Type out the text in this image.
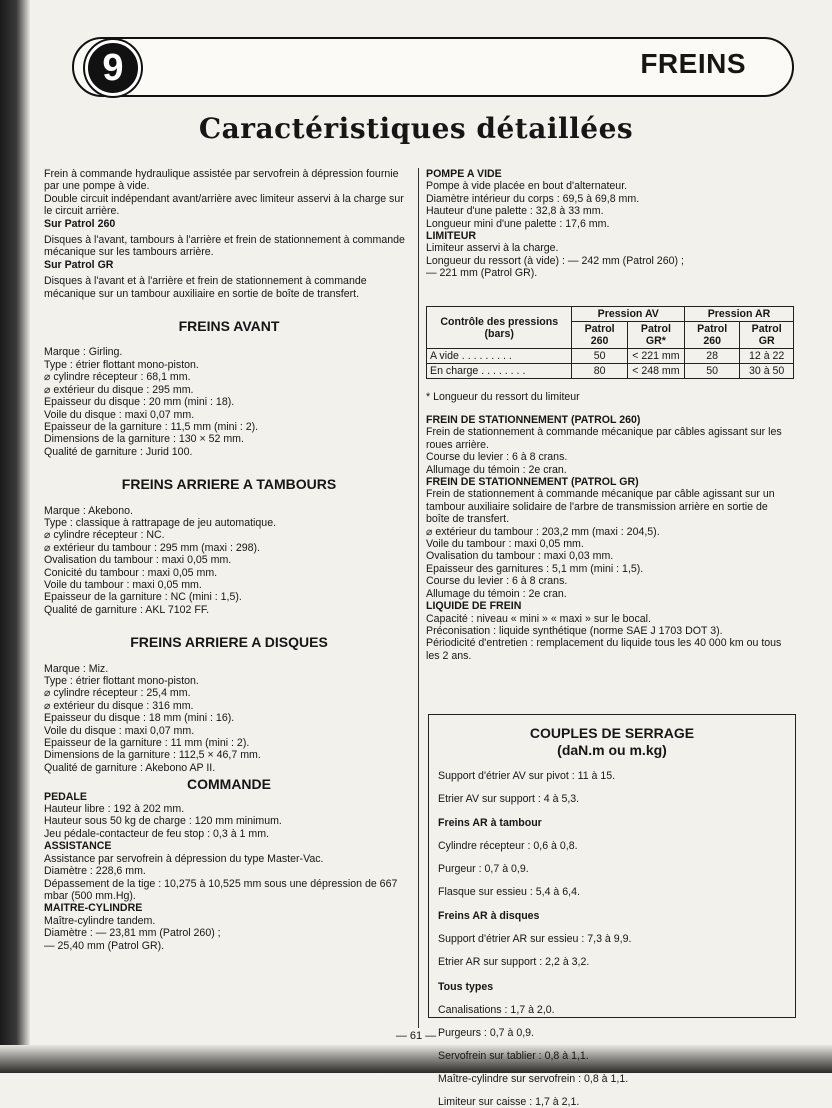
9	FREINS
Caractéristiques détaillées

Frein à commande hydraulique assistée par servofrein à dépression fournie par une pompe à vide.

Double circuit indépendant avant/arrière avec limiteur asservi à la charge sur le circuit arrière.

Sur Patrol 260

Disques à l'avant, tambours à l'arrière et frein de stationnement à commande mécanique sur les tambours arrière.

Sur Patrol GR

Disques à l'avant et à l'arrière et frein de stationnement à commande mécanique sur un tambour auxiliaire en sortie de boîte de transfert.

FREINS AVANT

Marque : Girling.

Type : étrier flottant mono-piston.

⌀ cylindre récepteur : 68,1 mm.

⌀ extérieur du disque : 295 mm.

Epaisseur du disque : 20 mm (mini : 18).

Voile du disque : maxi 0,07 mm.

Epaisseur de la garniture : 11,5 mm (mini : 2).

Dimensions de la garniture : 130 × 52 mm.

Qualité de garniture : Jurid 100.

FREINS ARRIERE A TAMBOURS

Marque : Akebono.

Type : classique à rattrapage de jeu automatique.

⌀ cylindre récepteur : NC.

⌀ extérieur du tambour : 295 mm (maxi : 298).

Ovalisation du tambour : maxi 0,05 mm.

Conicité du tambour : maxi 0,05 mm.

Voile du tambour : maxi 0,05 mm.

Epaisseur de la garniture : NC (mini : 1,5).

Qualité de garniture : AKL 7102 FF.

FREINS ARRIERE A DISQUES

Marque : Miz.

Type : étrier flottant mono-piston.

⌀ cylindre récepteur : 25,4 mm.

⌀ extérieur du disque : 316 mm.

Epaisseur du disque : 18 mm (mini : 16).

Voile du disque : maxi 0,07 mm.

Epaisseur de la garniture : 11 mm (mini : 2).

Dimensions de la garniture : 112,5 × 46,7 mm.

Qualité de garniture : Akebono AP II.

COMMANDE

PEDALE

Hauteur libre : 192 à 202 mm.

Hauteur sous 50 kg de charge : 120 mm minimum.

Jeu pédale-contacteur de feu stop : 0,3 à 1 mm.

ASSISTANCE

Assistance par servofrein à dépression du type Master-Vac.

Diamètre : 228,6 mm.

Dépassement de la tige : 10,275 à 10,525 mm sous une dépression de 667 mbar (500 mm.Hg).

MAITRE-CYLINDRE

Maître-cylindre tandem.

Diamètre : — 23,81 mm (Patrol 260) ;

— 25,40 mm (Patrol GR).

POMPE A VIDE

Pompe à vide placée en bout d'alternateur.

Diamètre intérieur du corps : 69,5 à 69,8 mm.

Hauteur d'une palette : 32,8 à 33 mm.

Longueur mini d'une palette : 17,6 mm.

LIMITEUR

Limiteur asservi à la charge.

Longueur du ressort (à vide) : — 242 mm (Patrol 260) ;

— 221 mm (Patrol GR).

Contrôle des pressions (bars)	Pression AV		Pression AR	
	Patrol 260	Patrol GR*	Patrol 260	Patrol GR
A vide . . . . . . . . .	50	< 221 mm	28	12 à 22
En charge . . . . . . . .	80	< 248 mm	50	30 à 50
* Longueur du ressort du limiteur

FREIN DE STATIONNEMENT (PATROL 260)

Frein de stationnement à commande mécanique par câbles agissant sur les roues arrière.

Course du levier : 6 à 8 crans.

Allumage du témoin : 2e cran.

FREIN DE STATIONNEMENT (PATROL GR)

Frein de stationnement à commande mécanique par câble agissant sur un tambour auxiliaire solidaire de l'arbre de transmission arrière en sortie de boîte de transfert.

⌀ extérieur du tambour : 203,2 mm (maxi : 204,5).

Voile du tambour : maxi 0,05 mm.

Ovalisation du tambour : maxi 0,03 mm.

Epaisseur des garnitures : 5,1 mm (mini : 1,5).

Course du levier : 6 à 8 crans.

Allumage du témoin : 2e cran.

LIQUIDE DE FREIN

Capacité : niveau « mini » « maxi » sur le bocal.

Préconisation : liquide synthétique (norme SAE J 1703 DOT 3).

Périodicité d'entretien : remplacement du liquide tous les 40 000 km ou tous les 2 ans.

COUPLES DE SERRAGE
(daN.m ou m.kg)

Support d'étrier AV sur pivot : 11 à 15.

Etrier AV sur support : 4 à 5,3.

Freins AR à tambour

Cylindre récepteur : 0,6 à 0,8.

Purgeur : 0,7 à 0,9.

Flasque sur essieu : 5,4 à 6,4.

Freins AR à disques

Support d'étrier AR sur essieu : 7,3 à 9,9.

Etrier AR sur support : 2,2 à 3,2.

Tous types

Canalisations : 1,7 à 2,0.

Purgeurs : 0,7 à 0,9.

Servofrein sur tablier : 0,8 à 1,1.

Maître-cylindre sur servofrein : 0,8 à 1,1.

Limiteur sur caisse : 1,7 à 2,1.

— 61 —
